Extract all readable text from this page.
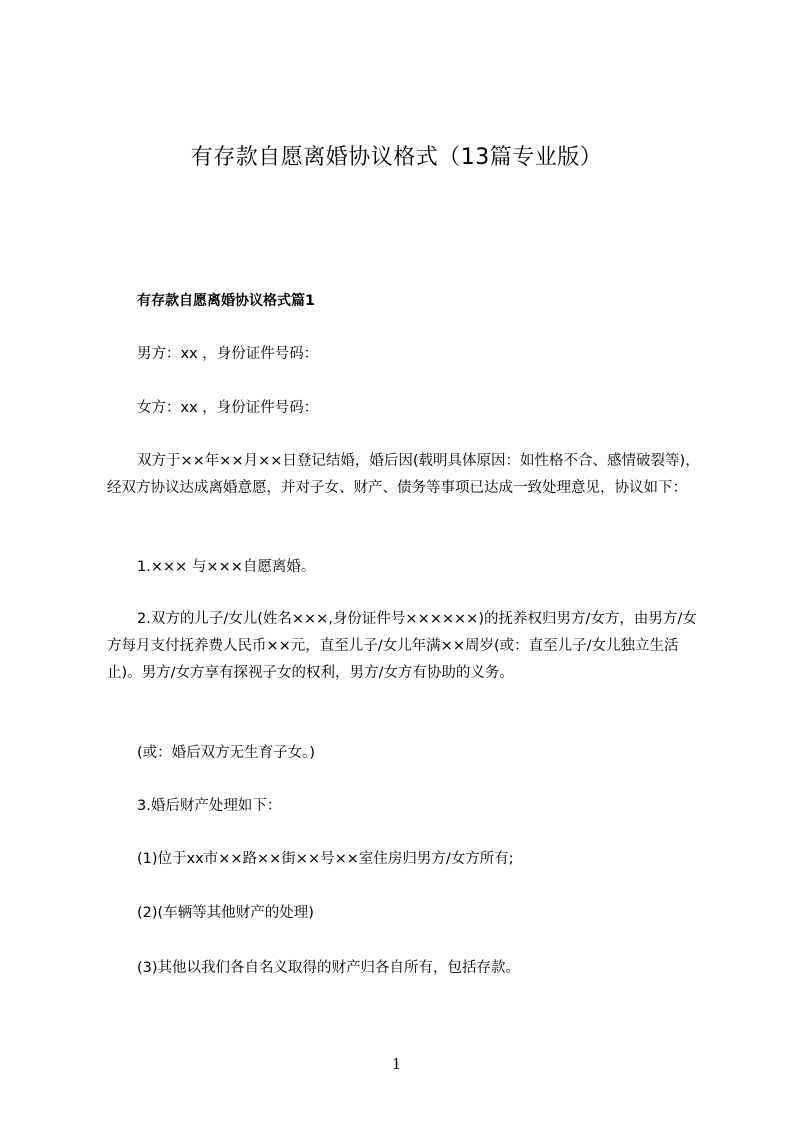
有存款自愿离婚协议格式（13篇专业版）
有存款自愿离婚协议格式篇1
男方：xx ，身份证件号码：
女方：xx ，身份证件号码：
双方于××年××月××日登记结婚，婚后因(载明具体原因：如性格不合、感情破裂等)，经双方协议达成离婚意愿，并对子女、财产、债务等事项已达成一致处理意见，协议如下：
1.××× 与×××自愿离婚。
2.双方的儿子/女儿(姓名×××,身份证件号××××××)的抚养权归男方/女方，由男方/女方每月支付抚养费人民币××元，直至儿子/女儿年满××周岁(或：直至儿子/女儿独立生活止)。男方/女方享有探视子女的权利，男方/女方有协助的义务。
(或：婚后双方无生育子女。)
3.婚后财产处理如下：
(1)位于xx市××路××街××号××室住房归男方/女方所有;
(2)(车辆等其他财产的处理)
(3)其他以我们各自名义取得的财产归各自所有，包括存款。
1
